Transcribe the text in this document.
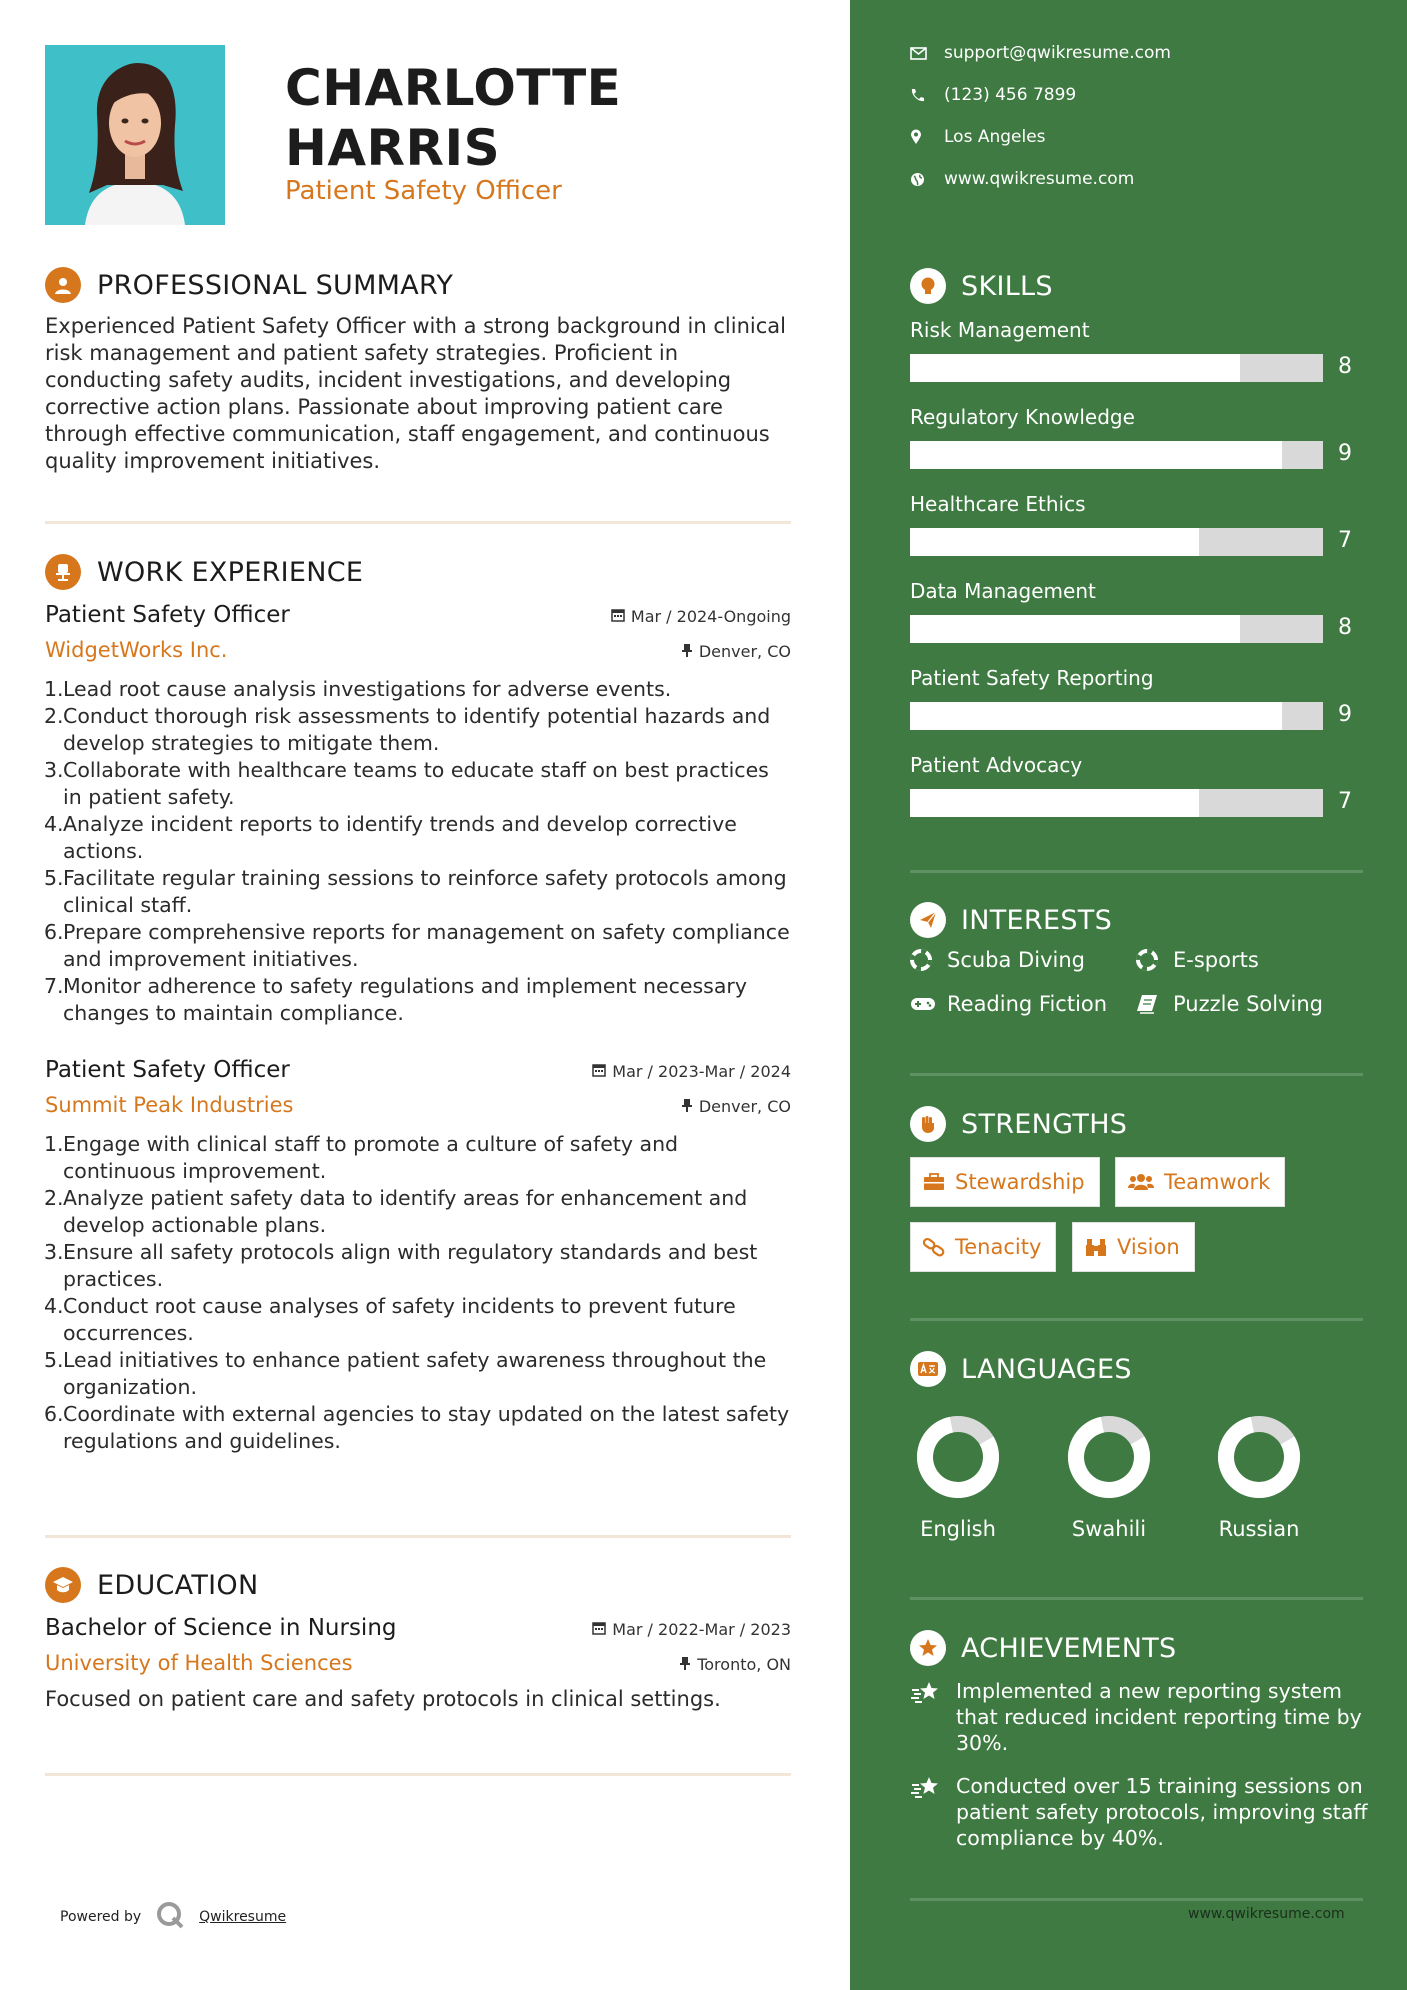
CHARLOTTE
HARRIS
Patient Safety Officer
PROFESSIONAL SUMMARY
Experienced Patient Safety Officer with a strong background in clinical risk management and patient safety strategies. Proficient in conducting safety audits, incident investigations, and developing corrective action plans. Passionate about improving patient care through effective communication, staff engagement, and continuous quality improvement initiatives.
WORK EXPERIENCE
Patient Safety Officer	Mar / 2024-Ongoing
WidgetWorks Inc.	Denver, CO
1. Lead root cause analysis investigations for adverse events.
2. Conduct thorough risk assessments to identify potential hazards and develop strategies to mitigate them.
3. Collaborate with healthcare teams to educate staff on best practices in patient safety.
4. Analyze incident reports to identify trends and develop corrective actions.
5. Facilitate regular training sessions to reinforce safety protocols among clinical staff.
6. Prepare comprehensive reports for management on safety compliance and improvement initiatives.
7. Monitor adherence to safety regulations and implement necessary changes to maintain compliance.
Patient Safety Officer	Mar / 2023-Mar / 2024
Summit Peak Industries	Denver, CO
1. Engage with clinical staff to promote a culture of safety and continuous improvement.
2. Analyze patient safety data to identify areas for enhancement and develop actionable plans.
3. Ensure all safety protocols align with regulatory standards and best practices.
4. Conduct root cause analyses of safety incidents to prevent future occurrences.
5. Lead initiatives to enhance patient safety awareness throughout the organization.
6. Coordinate with external agencies to stay updated on the latest safety regulations and guidelines.
EDUCATION
Bachelor of Science in Nursing	Mar / 2022-Mar / 2023
University of Health Sciences	Toronto, ON
Focused on patient care and safety protocols in clinical settings.
Powered by	Qwikresume
support@qwikresume.com
(123) 456 7899
Los Angeles
www.qwikresume.com
SKILLS
Risk Management
8
Regulatory Knowledge
9
Healthcare Ethics
7
Data Management
8
Patient Safety Reporting
9
Patient Advocacy
7
INTERESTS
Scuba Diving	E-sports
Reading Fiction	Puzzle Solving
STRENGTHS
Stewardship	Teamwork
Tenacity	Vision
LANGUAGES
English	Swahili	Russian
ACHIEVEMENTS
Implemented a new reporting system that reduced incident reporting time by 30%.
Conducted over 15 training sessions on patient safety protocols, improving staff compliance by 40%.
www.qwikresume.com
